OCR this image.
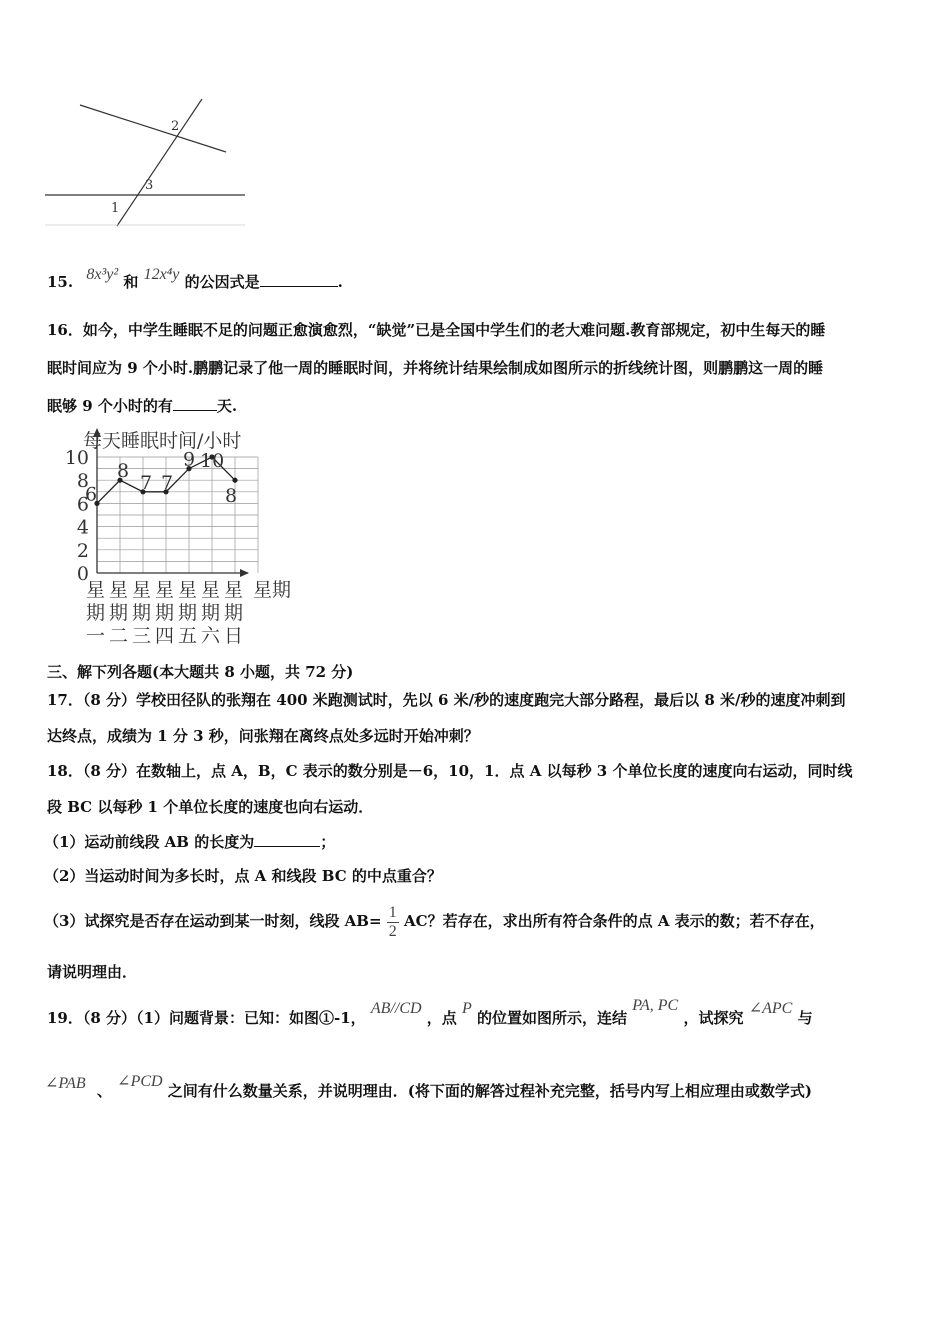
2
3
1
15. 8x³y² 和 12x⁴y 的公因式是	.
16．如今，中学生睡眠不足的问题正愈演愈烈，“缺觉”已是全国中学生们的老大难问题.教育部规定，初中生每天的睡
眠时间应为 9 个小时.鹏鹏记录了他一周的睡眠时间，并将统计结果绘制成如图所示的折线统计图，则鹏鹏这一周的睡
眠够 9 个小时的有	天.
0
2
4
6
8
10
星 星 星 星 星 星 星
期 期 期 期 期 期 期
一 二 三 四 五 六 日
6
8
7 7
9 10
8
每天睡眠时间/小时
星期
三、解下列各题(本大题共 8 小题，共 72 分)
17．（8 分）学校田径队的张翔在 400 米跑测试时，先以 6 米/秒的速度跑完大部分路程，最后以 8 米/秒的速度冲刺到
达终点，成绩为 1 分 3 秒，问张翔在离终点处多远时开始冲刺？
18．（8 分）在数轴上，点 A，B，C 表示的数分别是－6，10，1．点 A 以每秒 3 个单位长度的速度向右运动，同时线
段 BC 以每秒 1 个单位长度的速度也向右运动．
（1）运动前线段 AB 的长度为	；
（2）当运动时间为多长时，点 A 和线段 BC 的中点重合？
（3）试探究是否存在运动到某一时刻，线段 $AB= \frac{1}{2}$ AC？若存在，求出所有符合条件的点 A 表示的数；若不存在，
请说明理由．
19．（8 分）（1）问题背景：已知：如图①-1， AB//CD ，点 P 的位置如图所示，连结 PA, PC ，试探究 ∠APC 与
∠PAB 、 ∠PCD 之间有什么数量关系，并说明理由．(将下面的解答过程补充完整，括号内写上相应理由或数学式)
